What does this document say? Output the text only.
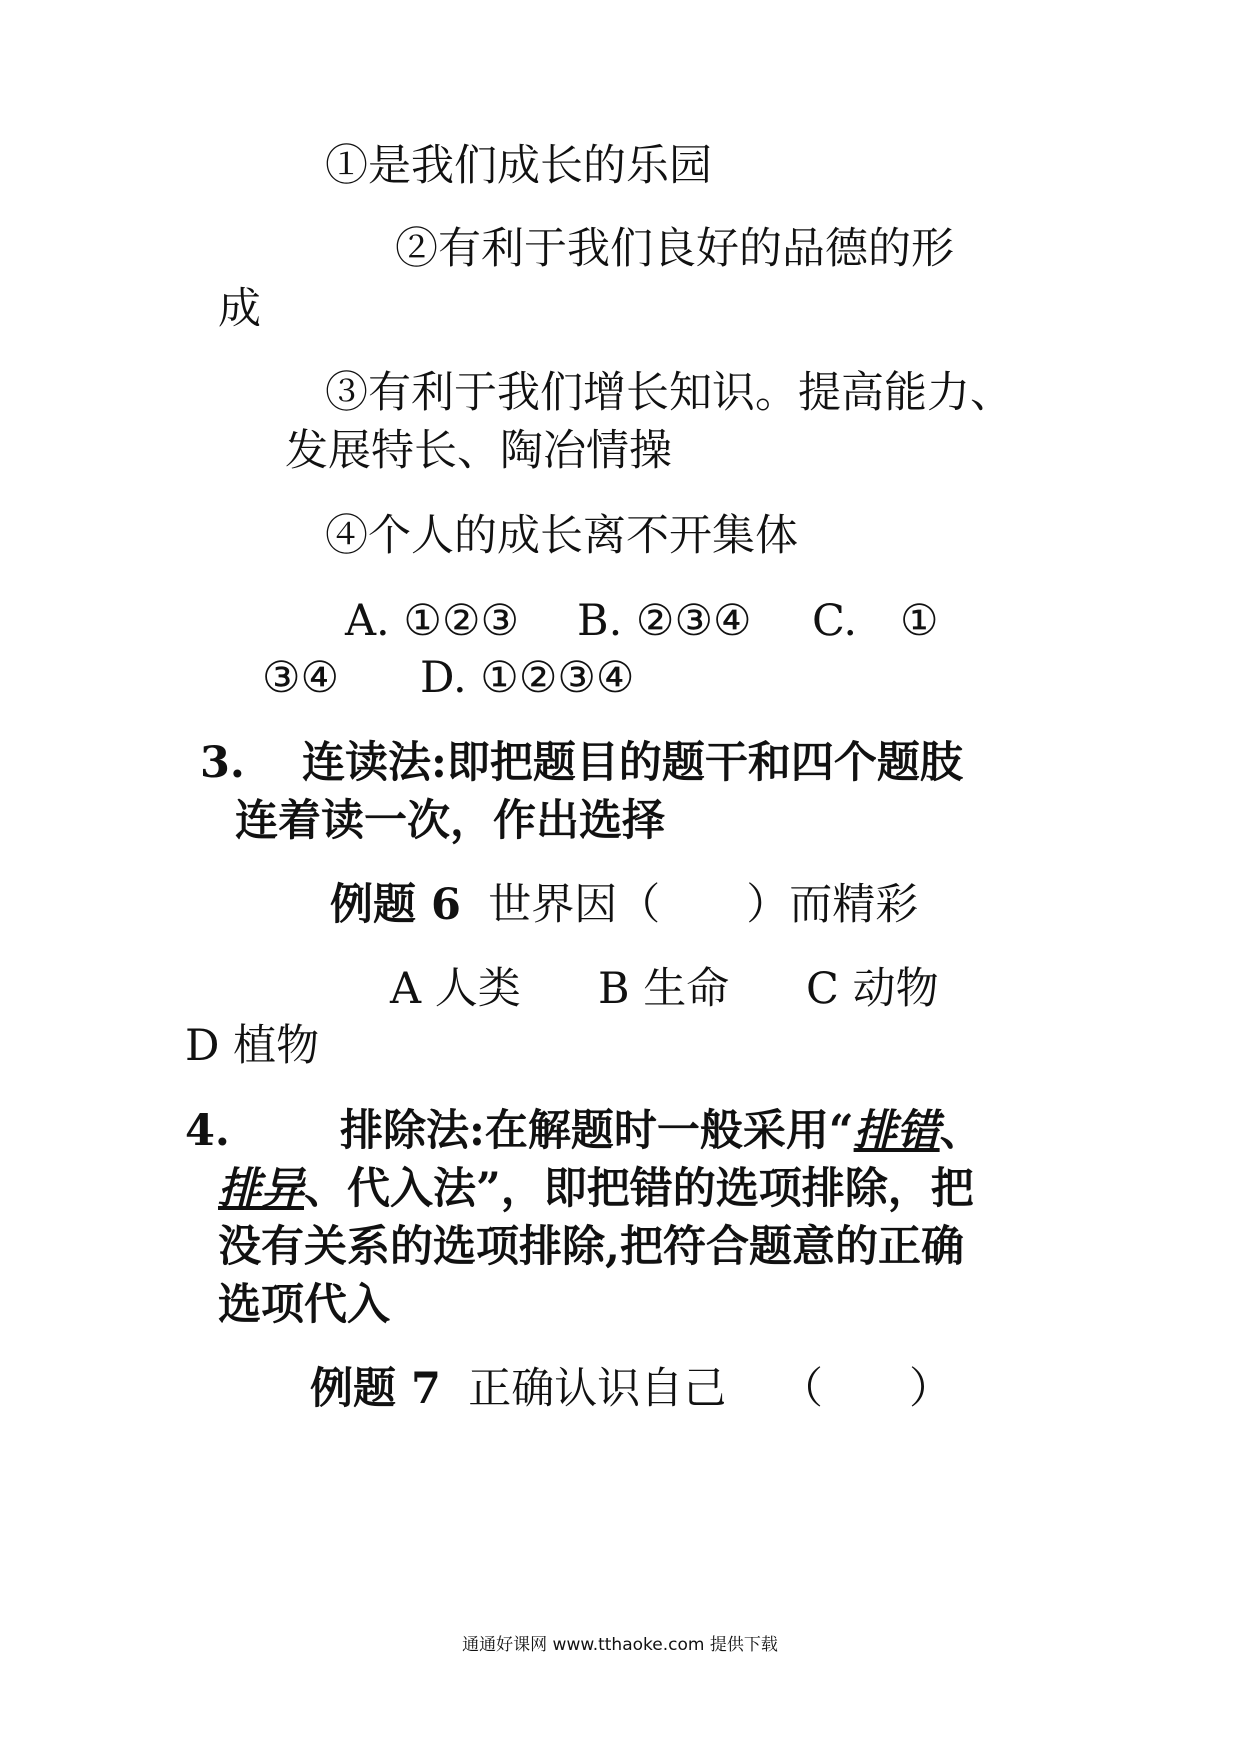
①是我们成长的乐园
②有利于我们良好的品德的形
成
③有利于我们增长知识。提高能力、
发展特长、陶冶情操
④个人的成长离不开集体
A. ①②③ B. ②③④ C. ①
③④ D. ①②③④
3. 连读法:即把题目的题干和四个题肢
连着读一次，作出选择
例题 6 世界因（　　）而精彩
A 人类 B 生命 C 动物
D 植物
4.	排除法:在解题时一般采用“排错、
排异、代入法”，即把错的选项排除，把
没有关系的选项排除,把符合题意的正确
选项代入
例题 7 正确认识自己 （　　）
通通好课网 www.tthaoke.com 提供下载
